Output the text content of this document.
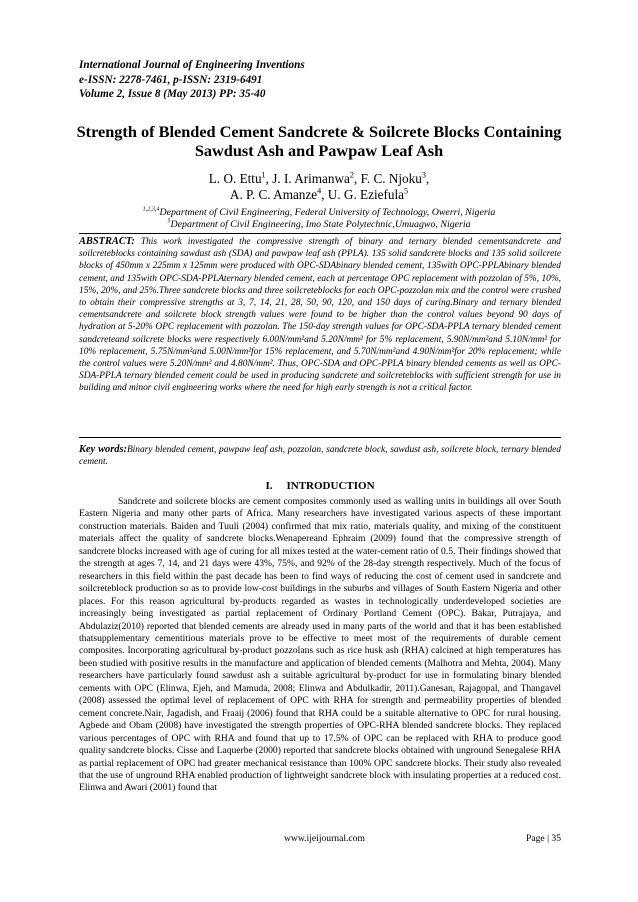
International Journal of Engineering Inventions
e-ISSN: 2278-7461, p-ISSN: 2319-6491
Volume 2, Issue 8 (May 2013) PP: 35-40
Strength of Blended Cement Sandcrete & Soilcrete Blocks Containing Sawdust Ash and Pawpaw Leaf Ash
L. O. Ettu$^1$, J. I. Arimanwa$^2$, F. C. Njoku$^3$,
A. P. C. Amanze$^4$, U. G. Eziefula$^5$
$^{1,2,3,4}$Department of Civil Engineering, Federal University of Technology, Owerri, Nigeria
$^5$Department of Civil Engineering, Imo State Polytechnic,Umuagwo, Nigeria
ABSTRACT: This work investigated the compressive strength of binary and ternary blended cementsandcrete and soilcreteblocks containing sawdust ash (SDA) and pawpaw leaf ash (PPLA). 135 solid sandcrete blocks and 135 solid soilcrete blocks of 450mm x 225mm x 125mm were produced with OPC-SDAbinary blended cement, 135with OPC-PPLAbinary blended cement, and 135with OPC-SDA-PPLAternary blended cement, each at percentage OPC replacement with pozzolan of 5%, 10%, 15%, 20%, and 25%.Three sandcrete blocks and three soilcreteblocks for each OPC-pozzolan mix and the control were crushed to obtain their compressive strengths at 3, 7, 14, 21, 28, 50, 90, 120, and 150 days of curing.Binary and ternary blended cementsandcrete and soilcrete block strength values were found to be higher than the control values beyond 90 days of hydration at 5-20% OPC replacement with pozzolan. The 150-day strength values for OPC-SDA-PPLA ternary blended cement sandcreteand soilcrete blocks were respectively 6.00N/mm²and 5.20N/mm² for 5% replacement, 5.90N/mm²and 5.10N/mm² for 10% replacement, 5.75N/mm²and 5.00N/mm²for 15% replacement, and 5.70N/mm²and 4.90N/mm²for 20% replacement; while the control values were 5.20N/mm² and 4.80N/mm². Thus, OPC-SDA and OPC-PPLA binary blended cements as well as OPC-SDA-PPLA ternary blended cement could be used in producing sandcrete and soilcreteblocks with sufficient strength for use in building and minor civil engineering works where the need for high early strength is not a critical factor.
Key words:Binary blended cement, pawpaw leaf ash, pozzolan, sandcrete block, sawdust ash, soilcrete block, ternary blended cement.
I. INTRODUCTION

Sandcrete and soilcrete blocks are cement composites commonly used as walling units in buildings all over South Eastern Nigeria and many other parts of Africa. Many researchers have investigated various aspects of these important construction materials. Baiden and Tuuli (2004) confirmed that mix ratio, materials quality, and mixing of the constituent materials affect the quality of sandcrete blocks.Wenapereand Ephraim (2009) found that the compressive strength of sandcrete blocks increased with age of curing for all mixes tested at the water-cement ratio of 0.5. Their findings showed that the strength at ages 7, 14, and 21 days were 43%, 75%, and 92% of the 28-day strength respectively. Much of the focus of researchers in this field within the past decade has been to find ways of reducing the cost of cement used in sandcrete and soilcreteblock production so as to provide low-cost buildings in the suburbs and villages of South Eastern Nigeria and other places. For this reason agricultural by-products regarded as wastes in technologically underdeveloped societies are increasingly being investigated as partial replacement of Ordinary Portland Cement (OPC). Bakar, Putrajaya, and Abdulaziz(2010) reported that blended cements are already used in many parts of the world and that it has been established thatsupplementary cementitious materials prove to be effective to meet most of the requirements of durable cement composites. Incorporating agricultural by-product pozzolans such as rice husk ash (RHA) calcined at high temperatures has been studied with positive results in the manufacture and application of blended cements (Malhotra and Mehta, 2004). Many researchers have particularly found sawdust ash a suitable agricultural by-product for use in formulating binary blended cements with OPC (Elinwa, Ejeh, and Mamuda, 2008; Elinwa and Abdulkadir, 2011).Ganesan, Rajagopal, and Thangavel (2008) assessed the optimal level of replacement of OPC with RHA for strength and permeability properties of blended cement concrete.Nair, Jagadish, and Fraaij (2006) found that RHA could be a suitable alternative to OPC for rural housing. Agbede and Obam (2008) have investigated the strength properties of OPC-RHA blended sandcrete blocks. They replaced various percentages of OPC with RHA and found that up to 17.5% of OPC can be replaced with RHA to produce good quality sandcrete blocks. Cisse and Laquerbe (2000) reported that sandcrete blocks obtained with unground Senegalese RHA as partial replacement of OPC had greater mechanical resistance than 100% OPC sandcrete blocks. Their study also revealed that the use of unground RHA enabled production of lightweight sandcrete block with insulating properties at a reduced cost. Elinwa and Awari (2001) found that

www.ijeijournal.com	Page | 35
